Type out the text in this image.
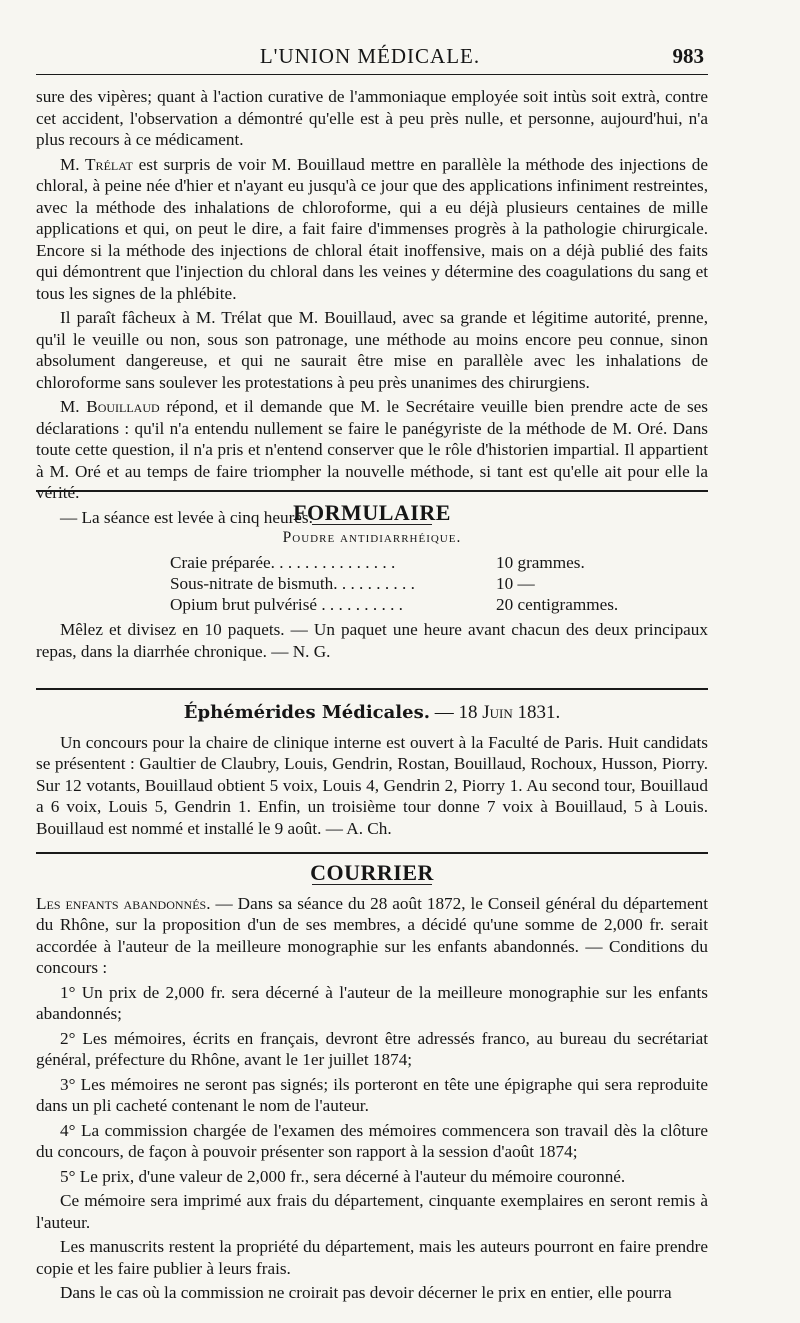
L'UNION MÉDICALE.	983

sure des vipères; quant à l'action curative de l'ammoniaque employée soit intùs soit extrà, contre cet accident, l'observation a démontré qu'elle est à peu près nulle, et personne, aujourd'hui, n'a plus recours à ce médicament.

M. Trélat est surpris de voir M. Bouillaud mettre en parallèle la méthode des injections de chloral, à peine née d'hier et n'ayant eu jusqu'à ce jour que des applications infiniment restreintes, avec la méthode des inhalations de chloroforme, qui a eu déjà plusieurs centaines de mille applications et qui, on peut le dire, a fait faire d'immenses progrès à la pathologie chirurgicale. Encore si la méthode des injections de chloral était inoffensive, mais on a déjà publié des faits qui démontrent que l'injection du chloral dans les veines y détermine des coagulations du sang et tous les signes de la phlébite.

Il paraît fâcheux à M. Trélat que M. Bouillaud, avec sa grande et légitime autorité, prenne, qu'il le veuille ou non, sous son patronage, une méthode au moins encore peu connue, sinon absolument dangereuse, et qui ne saurait être mise en parallèle avec les inhalations de chloroforme sans soulever les protestations à peu près unanimes des chirurgiens.

M. Bouillaud répond, et il demande que M. le Secrétaire veuille bien prendre acte de ses déclarations : qu'il n'a entendu nullement se faire le panégyriste de la méthode de M. Oré. Dans toute cette question, il n'a pris et n'entend conserver que le rôle d'historien impartial. Il appartient à M. Oré et au temps de faire triompher la nouvelle méthode, si tant est qu'elle ait pour elle la vérité.

— La séance est levée à cinq heures.

FORMULAIRE

Poudre antidiarrhéique.

Craie préparée. . . . . . . . . . . . . . .	10 grammes.
Sous-nitrate de bismuth. . . . . . . . . .	10 —
Opium brut pulvérisé . . . . . . . . . .	20 centigrammes.

Mêlez et divisez en 10 paquets. — Un paquet une heure avant chacun des deux principaux repas, dans la diarrhée chronique. — N. G.

Éphémérides Médicales. — 18 Juin 1831.

Un concours pour la chaire de clinique interne est ouvert à la Faculté de Paris. Huit candidats se présentent : Gaultier de Claubry, Louis, Gendrin, Rostan, Bouillaud, Rochoux, Husson, Piorry. Sur 12 votants, Bouillaud obtient 5 voix, Louis 4, Gendrin 2, Piorry 1. Au second tour, Bouillaud a 6 voix, Louis 5, Gendrin 1. Enfin, un troisième tour donne 7 voix à Bouillaud, 5 à Louis. Bouillaud est nommé et installé le 9 août. — A. Ch.

COURRIER

Les enfants abandonnés. — Dans sa séance du 28 août 1872, le Conseil général du département du Rhône, sur la proposition d'un de ses membres, a décidé qu'une somme de 2,000 fr. serait accordée à l'auteur de la meilleure monographie sur les enfants abandonnés. — Conditions du concours :

1° Un prix de 2,000 fr. sera décerné à l'auteur de la meilleure monographie sur les enfants abandonnés;

2° Les mémoires, écrits en français, devront être adressés franco, au bureau du secrétariat général, préfecture du Rhône, avant le 1er juillet 1874;

3° Les mémoires ne seront pas signés; ils porteront en tête une épigraphe qui sera reproduite dans un pli cacheté contenant le nom de l'auteur.

4° La commission chargée de l'examen des mémoires commencera son travail dès la clôture du concours, de façon à pouvoir présenter son rapport à la session d'août 1874;

5° Le prix, d'une valeur de 2,000 fr., sera décerné à l'auteur du mémoire couronné.

Ce mémoire sera imprimé aux frais du département, cinquante exemplaires en seront remis à l'auteur.

Les manuscrits restent la propriété du département, mais les auteurs pourront en faire prendre copie et les faire publier à leurs frais.

Dans le cas où la commission ne croirait pas devoir décerner le prix en entier, elle pourra
